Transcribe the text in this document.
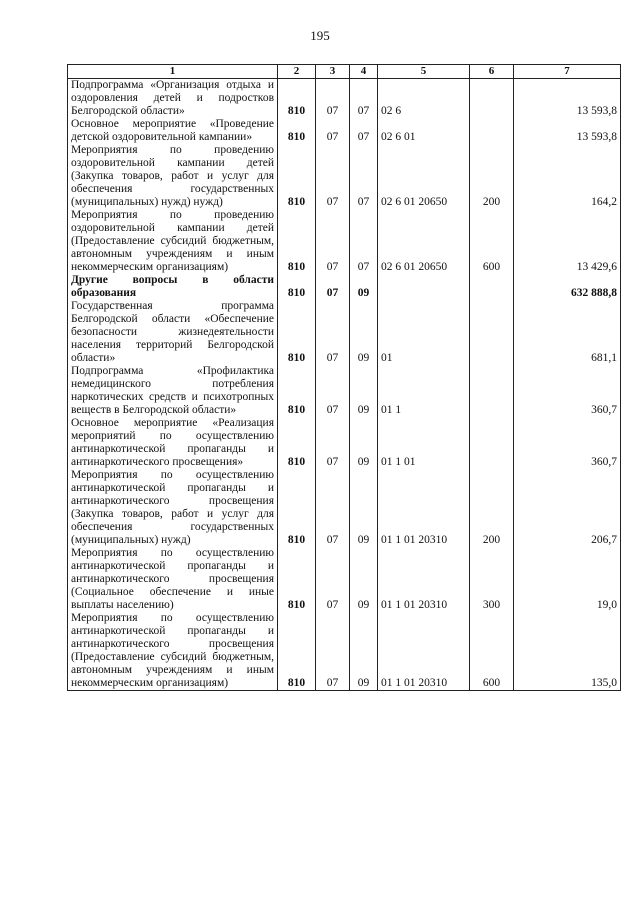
195
1	2	3	4	5	6	7
Подпрограмма «Организация отдыха и оздоровления детей и подростков Белгородской области»	810	07	07	02 6		13 593,8
Основное мероприятие «Проведение детской оздоровительной кампании»	810	07	07	02 6 01		13 593,8
Мероприятия по проведению оздоровительной кампании детей (Закупка товаров, работ и услуг для обеспечения государственных (муниципальных) нужд) нужд)	810	07	07	02 6 01 20650	200	164,2
Мероприятия по проведению оздоровительной кампании детей (Предоставление субсидий бюджетным, автономным учреждениям и иным некоммерческим организациям)	810	07	07	02 6 01 20650	600	13 429,6
Другие вопросы в области образования	810	07	09			632 888,8
Государственная программа Белгородской области «Обеспечение безопасности жизнедеятельности населения территорий Белгородской области»	810	07	09	01		681,1
Подпрограмма «Профилактика немедицинского потребления наркотических средств и психотропных веществ в Белгородской области»	810	07	09	01 1		360,7
Основное мероприятие «Реализация мероприятий по осуществлению антинаркотической пропаганды и антинаркотического просвещения»	810	07	09	01 1 01		360,7
Мероприятия по осуществлению антинаркотической пропаганды и антинаркотического просвещения (Закупка товаров, работ и услуг для обеспечения государственных (муниципальных) нужд)	810	07	09	01 1 01 20310	200	206,7
Мероприятия по осуществлению антинаркотической пропаганды и антинаркотического просвещения (Социальное обеспечение и иные выплаты населению)	810	07	09	01 1 01 20310	300	19,0
Мероприятия по осуществлению антинаркотической пропаганды и антинаркотического просвещения (Предоставление субсидий бюджетным, автономным учреждениям и иным некоммерческим организациям)	810	07	09	01 1 01 20310	600	135,0
